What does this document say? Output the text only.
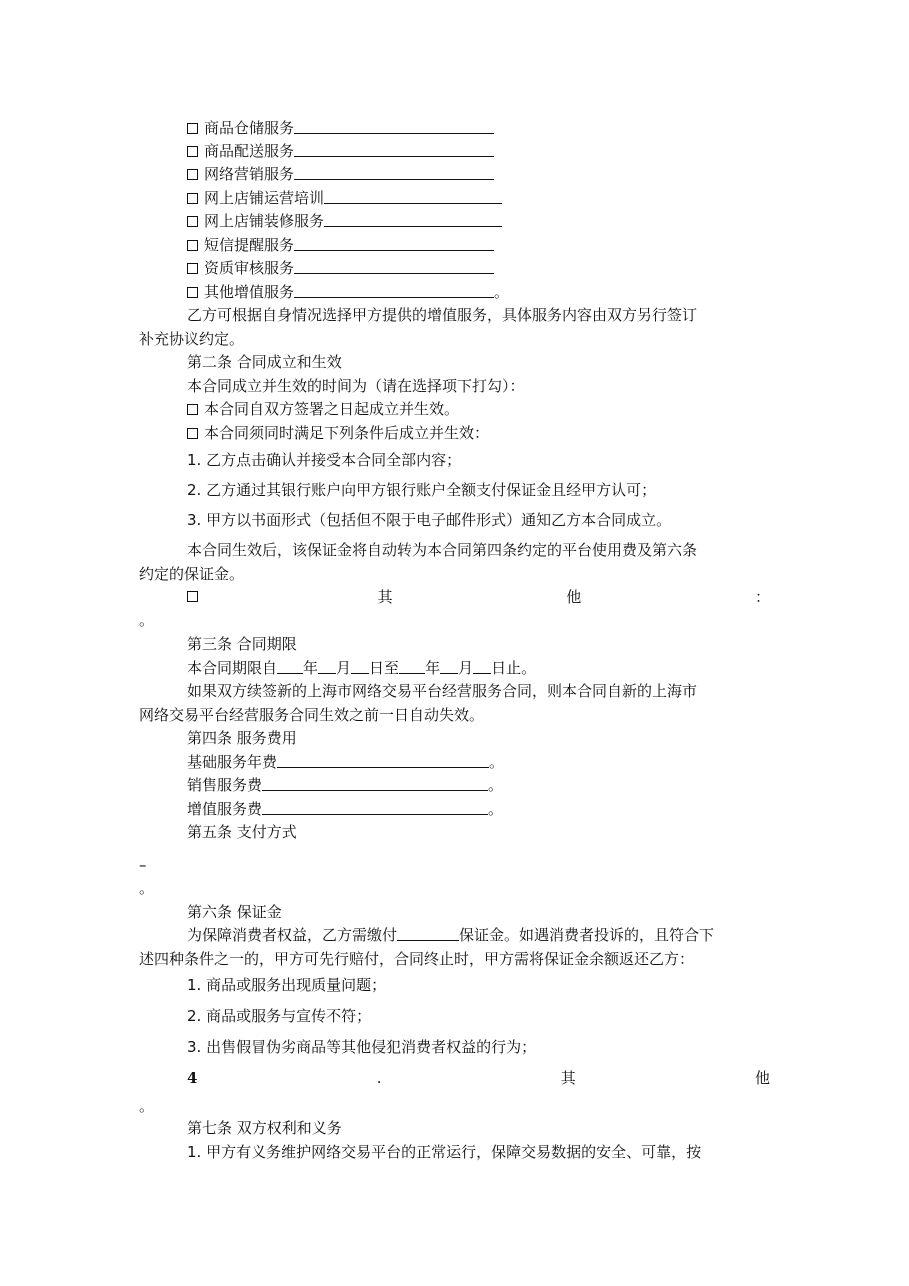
商品仓储服务
商品配送服务
网络营销服务
网上店铺运营培训
网上店铺装修服务
短信提醒服务
资质审核服务
其他增值服务	。
乙方可根据自身情况选择甲方提供的增值服务，具体服务内容由双方另行签订
补充协议约定。
第二条 合同成立和生效
本合同成立并生效的时间为（请在选择项下打勾）：
本合同自双方签署之日起成立并生效。
本合同须同时满足下列条件后成立并生效：
1. 乙方点击确认并接受本合同全部内容；
2. 乙方通过其银行账户向甲方银行账户全额支付保证金且经甲方认可；
3. 甲方以书面形式（包括但不限于电子邮件形式）通知乙方本合同成立。
本合同生效后，该保证金将自动转为本合同第四条约定的平台使用费及第六条
约定的保证金。
其	他	：
。
第三条 合同期限
本合同期限自 年 月 日至 年 月 日止。
如果双方续签新的上海市网络交易平台经营服务合同，则本合同自新的上海市
网络交易平台经营服务合同生效之前一日自动失效。
第四条 服务费用
基础服务年费	。
销售服务费	。
增值服务费	。
第五条 支付方式
–
。
第六条 保证金
为保障消费者权益，乙方需缴付	保证金。如遇消费者投诉的，且符合下
述四种条件之一的，甲方可先行赔付，合同终止时，甲方需将保证金余额返还乙方：
1. 商品或服务出现质量问题；
2. 商品或服务与宣传不符；
3. 出售假冒伪劣商品等其他侵犯消费者权益的行为；
4	.	其	他
。
第七条 双方权利和义务
1. 甲方有义务维护网络交易平台的正常运行，保障交易数据的安全、可靠，按
